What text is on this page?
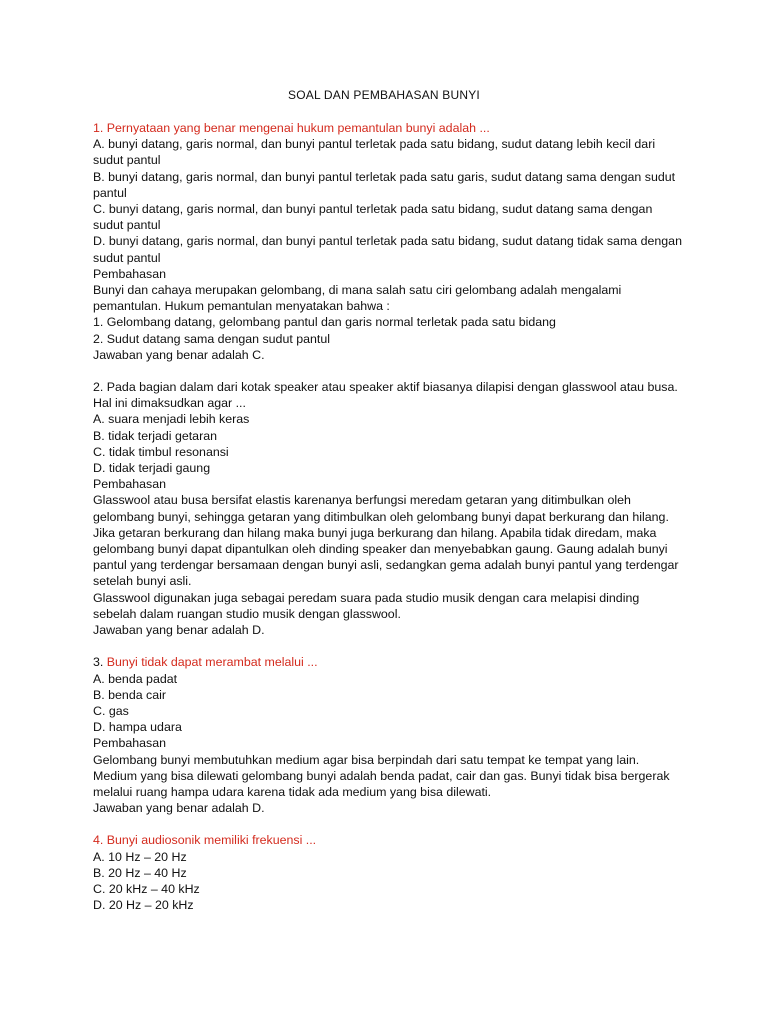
SOAL DAN PEMBAHASAN BUNYI

1. Pernyataan yang benar mengenai hukum pemantulan bunyi adalah ...

A. bunyi datang, garis normal, dan bunyi pantul terletak pada satu bidang, sudut datang lebih kecil dari sudut pantul

B. bunyi datang, garis normal, dan bunyi pantul terletak pada satu garis, sudut datang sama dengan sudut pantul

C. bunyi datang, garis normal, dan bunyi pantul terletak pada satu bidang, sudut datang sama dengan sudut pantul

D. bunyi datang, garis normal, dan bunyi pantul terletak pada satu bidang, sudut datang tidak sama dengan sudut pantul

Pembahasan

Bunyi dan cahaya merupakan gelombang, di mana salah satu ciri gelombang adalah mengalami pemantulan. Hukum pemantulan menyatakan bahwa :

1. Gelombang datang, gelombang pantul dan garis normal terletak pada satu bidang

2. Sudut datang sama dengan sudut pantul

Jawaban yang benar adalah C.

2. Pada bagian dalam dari kotak speaker atau speaker aktif biasanya dilapisi dengan glasswool atau busa. Hal ini dimaksudkan agar ...

A. suara menjadi lebih keras

B. tidak terjadi getaran

C. tidak timbul resonansi

D. tidak terjadi gaung

Pembahasan

Glasswool atau busa bersifat elastis karenanya berfungsi meredam getaran yang ditimbulkan oleh gelombang bunyi, sehingga getaran yang ditimbulkan oleh gelombang bunyi dapat berkurang dan hilang. Jika getaran berkurang dan hilang maka bunyi juga berkurang dan hilang. Apabila tidak diredam, maka gelombang bunyi dapat dipantulkan oleh dinding speaker dan menyebabkan gaung. Gaung adalah bunyi pantul yang terdengar bersamaan dengan bunyi asli, sedangkan gema adalah bunyi pantul yang terdengar setelah bunyi asli.

Glasswool digunakan juga sebagai peredam suara pada studio musik dengan cara melapisi dinding sebelah dalam ruangan studio musik dengan glasswool.

Jawaban yang benar adalah D.

3. Bunyi tidak dapat merambat melalui ...

A. benda padat

B. benda cair

C. gas

D. hampa udara

Pembahasan

Gelombang bunyi membutuhkan medium agar bisa berpindah dari satu tempat ke tempat yang lain. Medium yang bisa dilewati gelombang bunyi adalah benda padat, cair dan gas. Bunyi tidak bisa bergerak melalui ruang hampa udara karena tidak ada medium yang bisa dilewati.

Jawaban yang benar adalah D.

4. Bunyi audiosonik memiliki frekuensi ...

A. 10 Hz – 20 Hz

B. 20 Hz – 40 Hz

C. 20 kHz – 40 kHz

D. 20 Hz – 20 kHz
